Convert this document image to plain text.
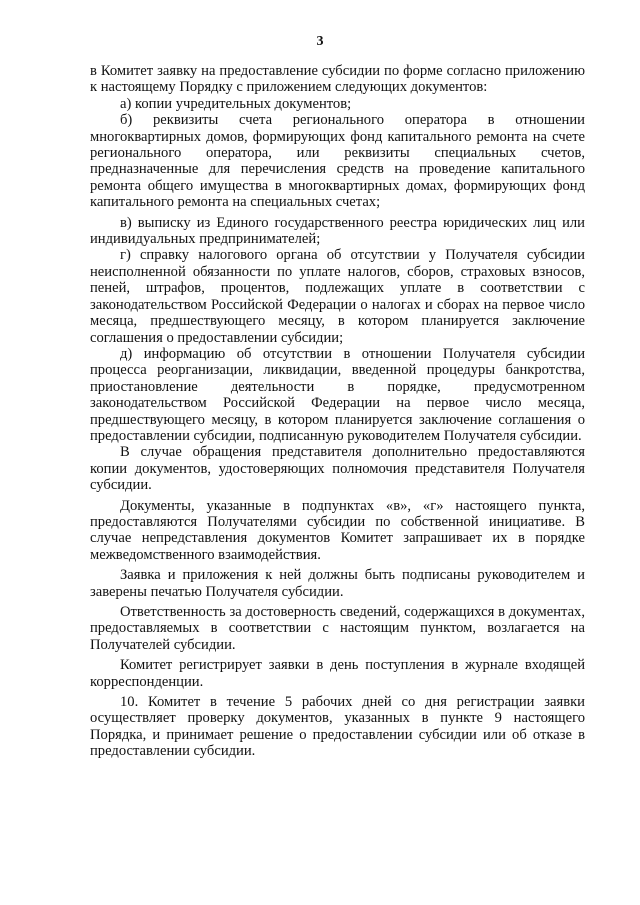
3

в Комитет заявку на предоставление субсидии по форме согласно приложению к настоящему Порядку с приложением следующих документов:

а) копии учредительных документов;

б) реквизиты счета регионального оператора в отношении многоквартирных домов, формирующих фонд капитального ремонта на счете регионального оператора, или реквизиты специальных счетов, предназначенные для перечисления средств на проведение капитального ремонта общего имущества в многоквартирных домах, формирующих фонд капитального ремонта на специальных счетах;

в) выписку из Единого государственного реестра юридических лиц или индивидуальных предпринимателей;

г) справку налогового органа об отсутствии у Получателя субсидии неисполненной обязанности по уплате налогов, сборов, страховых взносов, пеней, штрафов, процентов, подлежащих уплате в соответствии с законодательством Российской Федерации о налогах и сборах на первое число месяца, предшествующего месяцу, в котором планируется заключение соглашения о предоставлении субсидии;

д) информацию об отсутствии в отношении Получателя субсидии процесса реорганизации, ликвидации, введенной процедуры банкротства, приостановление деятельности в порядке, предусмотренном законодательством Российской Федерации на первое число месяца, предшествующего месяцу, в котором планируется заключение соглашения о предоставлении субсидии, подписанную руководителем Получателя субсидии.

В случае обращения представителя дополнительно предоставляются копии документов, удостоверяющих полномочия представителя Получателя субсидии.

Документы, указанные в подпунктах «в», «г» настоящего пункта, предоставляются Получателями субсидии по собственной инициативе. В случае непредставления документов Комитет запрашивает их в порядке межведомственного взаимодействия.

Заявка и приложения к ней должны быть подписаны руководителем и заверены печатью Получателя субсидии.

Ответственность за достоверность сведений, содержащихся в документах, предоставляемых в соответствии с настоящим пунктом, возлагается на Получателей субсидии.

Комитет регистрирует заявки в день поступления в журнале входящей корреспонденции.

10. Комитет в течение 5 рабочих дней со дня регистрации заявки осуществляет проверку документов, указанных в пункте 9 настоящего Порядка, и принимает решение о предоставлении субсидии или об отказе в предоставлении субсидии.
